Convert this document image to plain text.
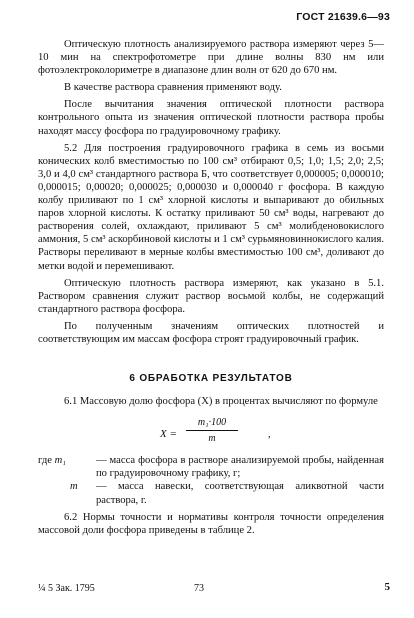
ГОСТ 21639.6—93

Оптическую плотность анализируемого раствора измеряют через 5—10 мин на спектрофотометре при длине волны 830 нм или фотоэлектроколориметре в диапазоне длин волн от 620 до 670 нм.

В качестве раствора сравнения применяют воду.

После вычитания значения оптической плотности раствора контрольного опыта из значения оптической плотности раствора пробы находят массу фосфора по градуировочному графику.

5.2 Для построения градуировочного графика в семь из восьми конических колб вместимостью по 100 см³ отбирают 0,5; 1,0; 1,5; 2,0; 2,5; 3,0 и 4,0 см³ стандартного раствора Б, что соответствует 0,000005; 0,000010; 0,000015; 0,00020; 0,000025; 0,000030 и 0,000040 г фосфора. В каждую колбу приливают по 1 см³ хлорной кислоты и выпаривают до обильных паров хлорной кислоты. К остатку приливают 50 см³ воды, нагревают до растворения солей, охлаждают, приливают 5 см³ молибденовокислого аммония, 5 см³ аскорбиновой кислоты и 1 см³ сурьмяновиннокислого калия. Растворы переливают в мерные колбы вместимостью 100 см³, доливают до метки водой и перемешивают.

Оптическую плотность раствора измеряют, как указано в 5.1. Раствором сравнения служит раствор восьмой колбы, не содержащий стандартного раствора фосфора.

По полученным значениям оптических плотностей и соответствующим им массам фосфора строят градуировочный график.

6 ОБРАБОТКА РЕЗУЛЬТАТОВ

6.1 Массовую долю фосфора (X) в процентах вычисляют по формуле

$X = \frac{\text{m₁·100}}{m}$	,
где m₁	— масса фосфора в растворе анализируемой пробы, найденная по градуировочному графику, г;
m	— масса навески, соответствующая аликвотной части раствора, г.

6.2 Нормы точности и нормативы контроля точности определения массовой доли фосфора приведены в таблице 2.

¼ 5 Зак. 1795	73	5
